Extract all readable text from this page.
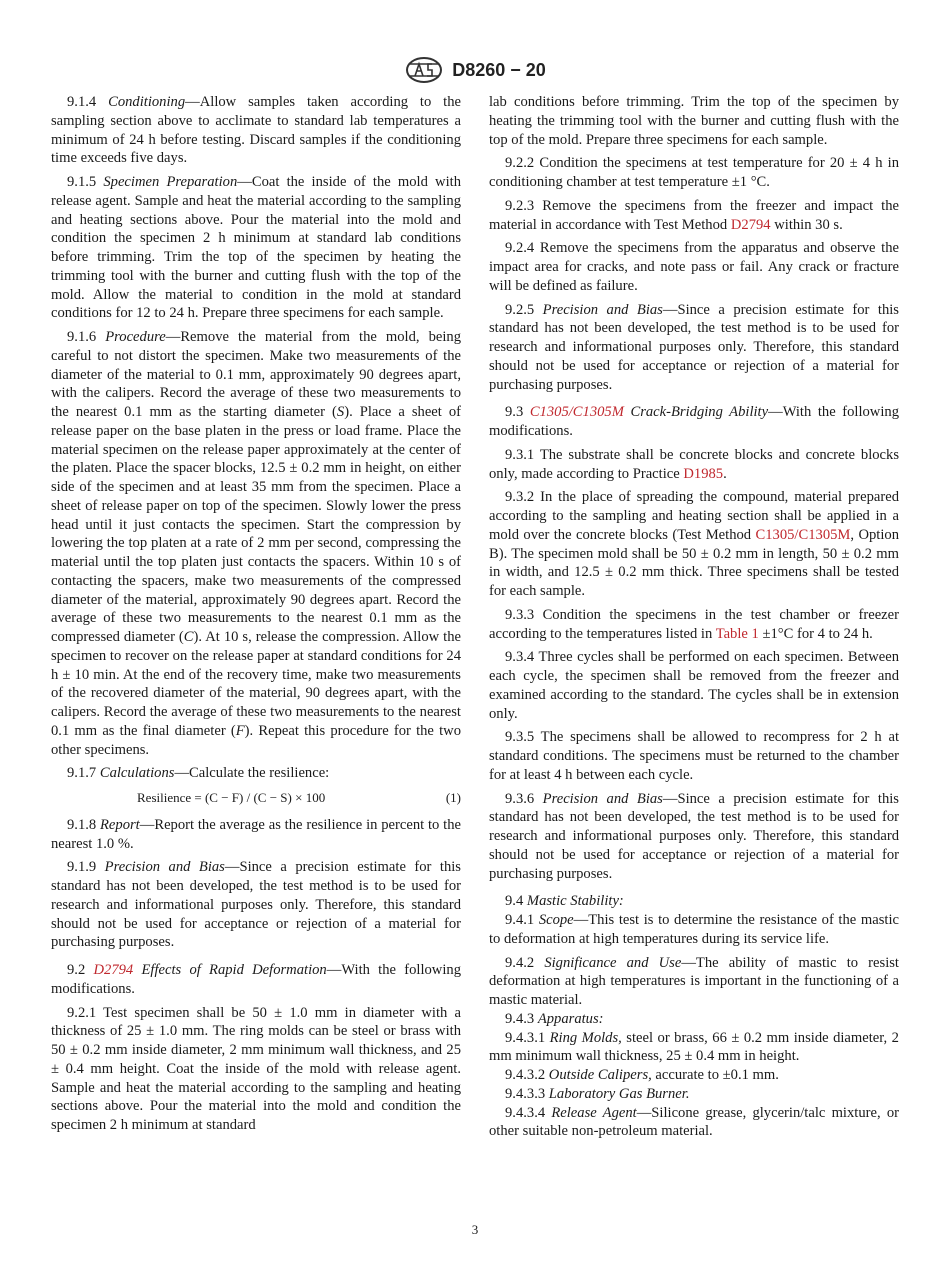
D8260 − 20

9.1.4 Conditioning—Allow samples taken according to the sampling section above to acclimate to standard lab temperatures a minimum of 24 h before testing. Discard samples if the conditioning time exceeds five days.

9.1.5 Specimen Preparation—Coat the inside of the mold with release agent. Sample and heat the material according to the sampling and heating sections above. Pour the material into the mold and condition the specimen 2 h minimum at standard lab conditions before trimming. Trim the top of the specimen by heating the trimming tool with the burner and cutting flush with the top of the mold. Allow the material to condition in the mold at standard conditions for 12 to 24 h. Prepare three specimens for each sample.

9.1.6 Procedure—Remove the material from the mold, being careful to not distort the specimen. Make two measurements of the diameter of the material to 0.1 mm, approximately 90 degrees apart, with the calipers. Record the average of these two measurements to the nearest 0.1 mm as the starting diameter (S). Place a sheet of release paper on the base platen in the press or load frame. Place the material specimen on the release paper approximately at the center of the platen. Place the spacer blocks, 12.5 ± 0.2 mm in height, on either side of the specimen and at least 35 mm from the specimen. Place a sheet of release paper on top of the specimen. Slowly lower the press head until it just contacts the specimen. Start the compression by lowering the top platen at a rate of 2 mm per second, compressing the material until the top platen just contacts the spacers. Within 10 s of contacting the spacers, make two measurements of the compressed diameter of the material, approximately 90 degrees apart. Record the average of these two measurements to the nearest 0.1 mm as the compressed diameter (C). At 10 s, release the compression. Allow the specimen to recover on the release paper at standard conditions for 24 h ± 10 min. At the end of the recovery time, make two measurements of the recovered diameter of the material, 90 degrees apart, with the calipers. Record the average of these two measurements to the nearest 0.1 mm as the final diameter (F). Repeat this procedure for the two other specimens.

9.1.7 Calculations—Calculate the resilience:

Resilience = (C − F) / (C − S) × 100	(1)

9.1.8 Report—Report the average as the resilience in percent to the nearest 1.0 %.

9.1.9 Precision and Bias—Since a precision estimate for this standard has not been developed, the test method is to be used for research and informational purposes only. Therefore, this standard should not be used for acceptance or rejection of a material for purchasing purposes.

9.2 D2794 Effects of Rapid Deformation—With the following modifications.

9.2.1 Test specimen shall be 50 ± 1.0 mm in diameter with a thickness of 25 ± 1.0 mm. The ring molds can be steel or brass with 50 ± 0.2 mm inside diameter, 2 mm minimum wall thickness, and 25 ± 0.4 mm height. Coat the inside of the mold with release agent. Sample and heat the material according to the sampling and heating sections above. Pour the material into the mold and condition the specimen 2 h minimum at standard

lab conditions before trimming. Trim the top of the specimen by heating the trimming tool with the burner and cutting flush with the top of the mold. Prepare three specimens for each sample.

9.2.2 Condition the specimens at test temperature for 20 ± 4 h in conditioning chamber at test temperature ±1 °C.

9.2.3 Remove the specimens from the freezer and impact the material in accordance with Test Method D2794 within 30 s.

9.2.4 Remove the specimens from the apparatus and observe the impact area for cracks, and note pass or fail. Any crack or fracture will be defined as failure.

9.2.5 Precision and Bias—Since a precision estimate for this standard has not been developed, the test method is to be used for research and informational purposes only. Therefore, this standard should not be used for acceptance or rejection of a material for purchasing purposes.

9.3 C1305/C1305M Crack-Bridging Ability—With the following modifications.

9.3.1 The substrate shall be concrete blocks and concrete blocks only, made according to Practice D1985.

9.3.2 In the place of spreading the compound, material prepared according to the sampling and heating section shall be applied in a mold over the concrete blocks (Test Method C1305/C1305M, Option B). The specimen mold shall be 50 ± 0.2 mm in length, 50 ± 0.2 mm in width, and 12.5 ± 0.2 mm thick. Three specimens shall be tested for each sample.

9.3.3 Condition the specimens in the test chamber or freezer according to the temperatures listed in Table 1 ±1°C for 4 to 24 h.

9.3.4 Three cycles shall be performed on each specimen. Between each cycle, the specimen shall be removed from the freezer and examined according to the standard. The cycles shall be in extension only.

9.3.5 The specimens shall be allowed to recompress for 2 h at standard conditions. The specimens must be returned to the chamber for at least 4 h between each cycle.

9.3.6 Precision and Bias—Since a precision estimate for this standard has not been developed, the test method is to be used for research and informational purposes only. Therefore, this standard should not be used for acceptance or rejection of a material for purchasing purposes.

9.4 Mastic Stability:

9.4.1 Scope—This test is to determine the resistance of the mastic to deformation at high temperatures during its service life.

9.4.2 Significance and Use—The ability of mastic to resist deformation at high temperatures is important in the functioning of a mastic material.

9.4.3 Apparatus:

9.4.3.1 Ring Molds, steel or brass, 66 ± 0.2 mm inside diameter, 2 mm minimum wall thickness, 25 ± 0.4 mm in height.

9.4.3.2 Outside Calipers, accurate to ±0.1 mm.

9.4.3.3 Laboratory Gas Burner.

9.4.3.4 Release Agent—Silicone grease, glycerin/talc mixture, or other suitable non-petroleum material.

3
